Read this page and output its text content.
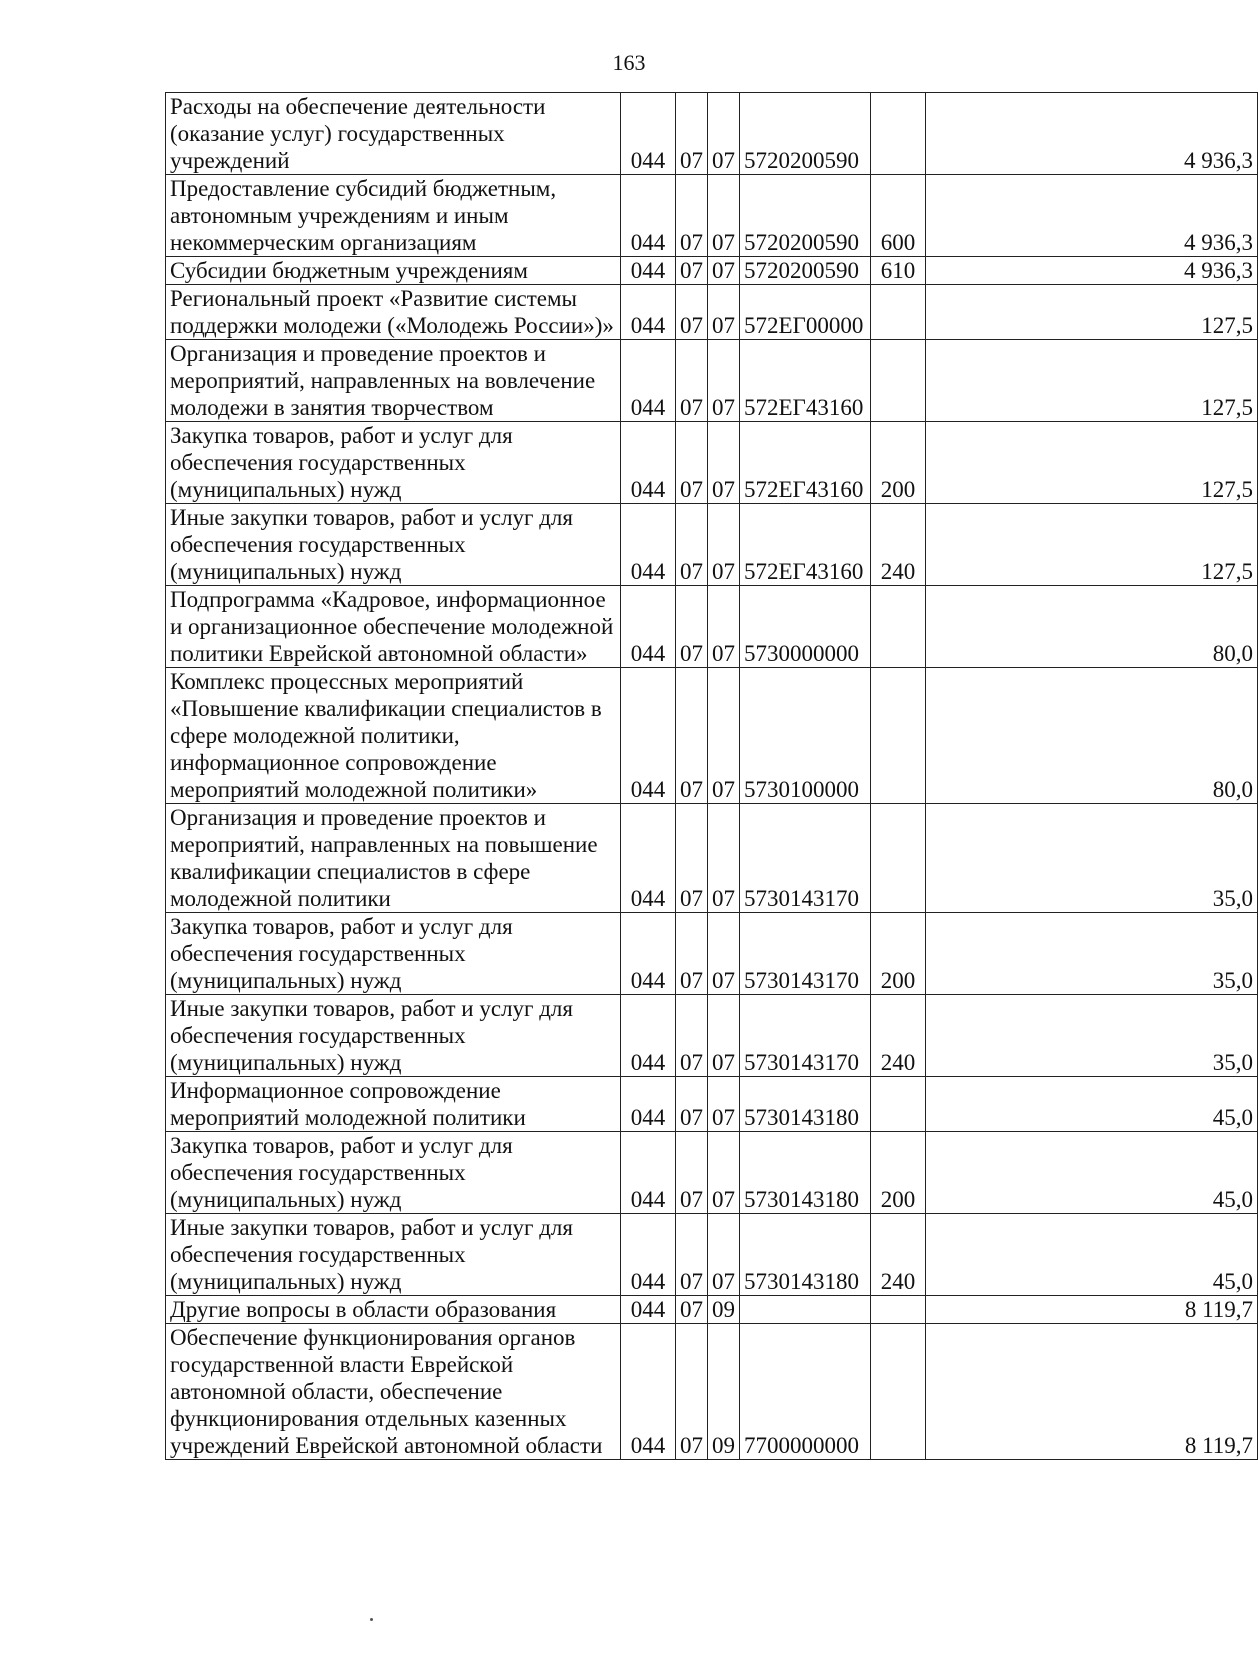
163
Расходы на обеспечение деятельности (оказание услуг) государственных учреждений	044	07	07	5720200590		4 936,3
Предоставление субсидий бюджетным, автономным учреждениям и иным некоммерческим организациям	044	07	07	5720200590	600	4 936,3
Субсидии бюджетным учреждениям	044	07	07	5720200590	610	4 936,3
Региональный проект «Развитие системы поддержки молодежи («Молодежь России»)»	044	07	07	572ЕГ00000		127,5
Организация и проведение проектов и мероприятий, направленных на вовлечение молодежи в занятия творчеством	044	07	07	572ЕГ43160		127,5
Закупка товаров, работ и услуг для обеспечения государственных (муниципальных) нужд	044	07	07	572ЕГ43160	200	127,5
Иные закупки товаров, работ и услуг для обеспечения государственных (муниципальных) нужд	044	07	07	572ЕГ43160	240	127,5
Подпрограмма «Кадровое, информационное и организационное обеспечение молодежной политики Еврейской автономной области»	044	07	07	5730000000		80,0
Комплекс процессных мероприятий «Повышение квалификации специалистов в сфере молодежной политики, информационное сопровождение мероприятий молодежной политики»	044	07	07	5730100000		80,0
Организация и проведение проектов и мероприятий, направленных на повышение квалификации специалистов в сфере молодежной политики	044	07	07	5730143170		35,0
Закупка товаров, работ и услуг для обеспечения государственных (муниципальных) нужд	044	07	07	5730143170	200	35,0
Иные закупки товаров, работ и услуг для обеспечения государственных (муниципальных) нужд	044	07	07	5730143170	240	35,0
Информационное сопровождение мероприятий молодежной политики	044	07	07	5730143180		45,0
Закупка товаров, работ и услуг для обеспечения государственных (муниципальных) нужд	044	07	07	5730143180	200	45,0
Иные закупки товаров, работ и услуг для обеспечения государственных (муниципальных) нужд	044	07	07	5730143180	240	45,0
Другие вопросы в области образования	044	07	09			8 119,7
Обеспечение функционирования органов государственной власти Еврейской автономной области, обеспечение функционирования отдельных казенных учреждений Еврейской автономной области	044	07	09	7700000000		8 119,7
